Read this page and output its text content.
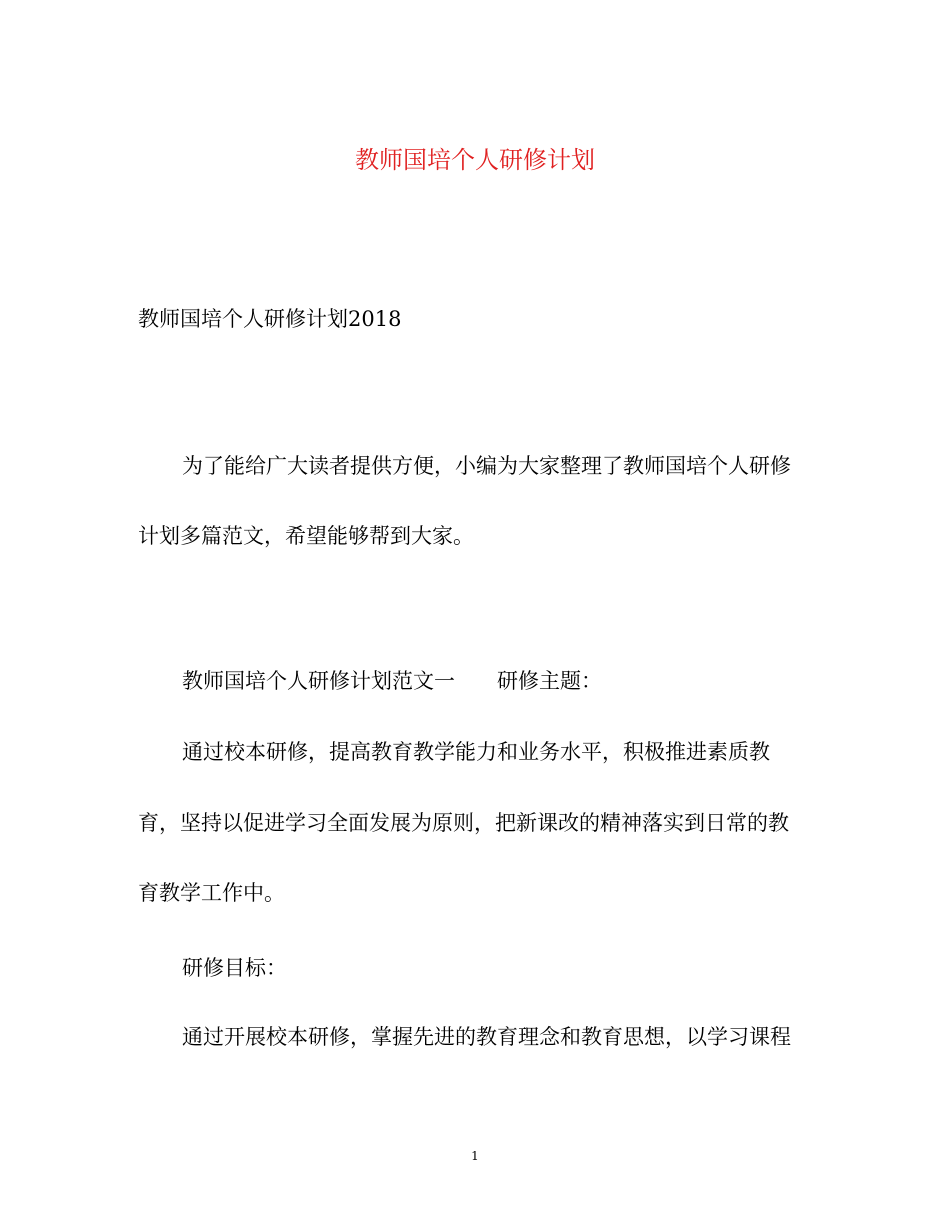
教师国培个人研修计划
教师国培个人研修计划2018
为了能给广大读者提供方便，小编为大家整理了教师国培个人研修
计划多篇范文，希望能够帮到大家。
教师国培个人研修计划范文一 研修主题：
通过校本研修，提高教育教学能力和业务水平，积极推进素质教
育，坚持以促进学习全面发展为原则，把新课改的精神落实到日常的教
育教学工作中。
研修目标：
通过开展校本研修，掌握先进的教育理念和教育思想，以学习课程
1
